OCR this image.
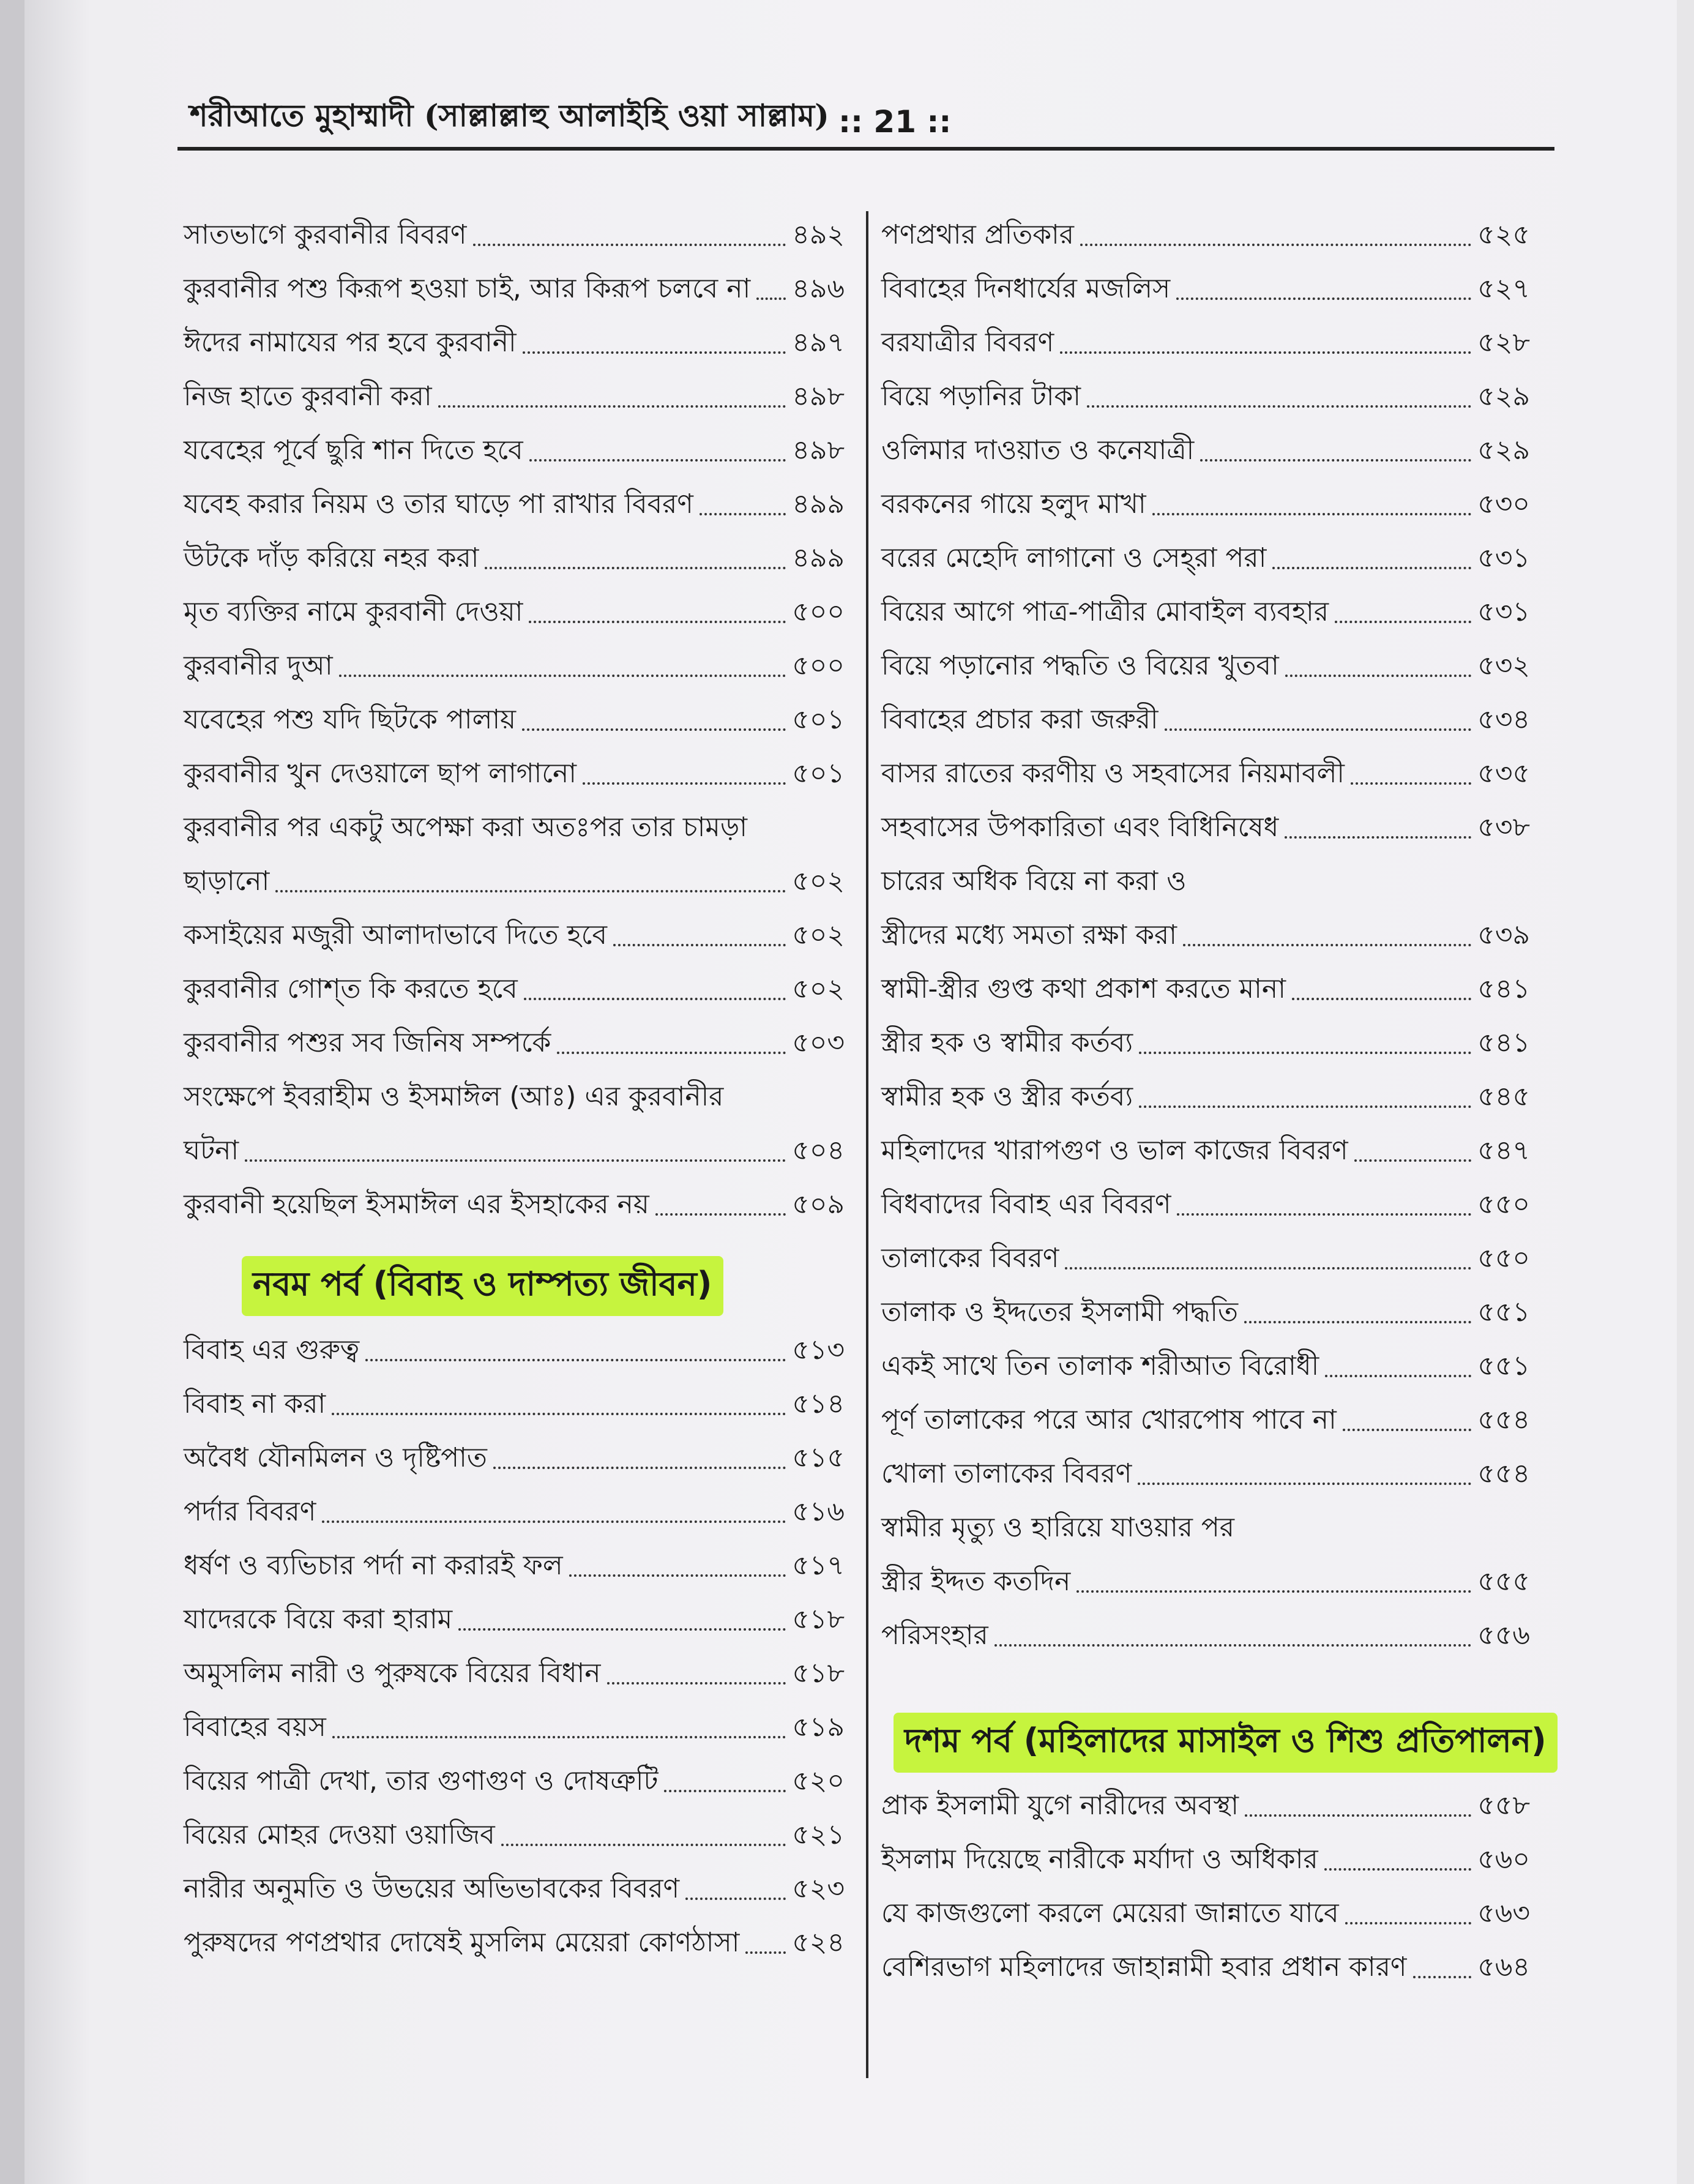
শরীআতে মুহাম্মাদী (সাল্লাল্লাহু আলাইহি ওয়া সাল্লাম) :: 21 ::
সাতভাগে কুরবানীর বিবরণ	৪৯২
কুরবানীর পশু কিরূপ হওয়া চাই, আর কিরূপ চলবে না ৪৯৬
ঈদের নামাযের পর হবে কুরবানী	৪৯৭
নিজ হাতে কুরবানী করা	৪৯৮
যবেহের পূর্বে ছুরি শান দিতে হবে	৪৯৮
যবেহ করার নিয়ম ও তার ঘাড়ে পা রাখার বিবরণ	৪৯৯
উটকে দাঁড় করিয়ে নহর করা	৪৯৯
মৃত ব্যক্তির নামে কুরবানী দেওয়া	৫০০
কুরবানীর দুআ	৫০০
যবেহের পশু যদি ছিটকে পালায়	৫০১
কুরবানীর খুন দেওয়ালে ছাপ লাগানো	৫০১
কুরবানীর পর একটু অপেক্ষা করা অতঃপর তার চামড়া
ছাড়ানো	৫০২
কসাইয়ের মজুরী আলাদাভাবে দিতে হবে	৫০২
কুরবানীর গোশ্‌ত কি করতে হবে	৫০২
কুরবানীর পশুর সব জিনিষ সম্পর্কে	৫০৩
সংক্ষেপে ইবরাহীম ও ইসমাঈল (আঃ) এর কুরবানীর
ঘটনা	৫০৪
কুরবানী হয়েছিল ইসমাঈল এর ইসহাকের নয়	৫০৯
নবম পর্ব (বিবাহ ও দাম্পত্য জীবন)
বিবাহ এর গুরুত্ব	৫১৩
বিবাহ না করা	৫১৪
অবৈধ যৌনমিলন ও দৃষ্টিপাত	৫১৫
পর্দার বিবরণ	৫১৬
ধর্ষণ ও ব্যভিচার পর্দা না করারই ফল	৫১৭
যাদেরকে বিয়ে করা হারাম	৫১৮
অমুসলিম নারী ও পুরুষকে বিয়ের বিধান	৫১৮
বিবাহের বয়স	৫১৯
বিয়ের পাত্রী দেখা, তার গুণাগুণ ও দোষত্রুটি	৫২০
বিয়ের মোহর দেওয়া ওয়াজিব	৫২১
নারীর অনুমতি ও উভয়ের অভিভাবকের বিবরণ	৫২৩
পুরুষদের পণপ্রথার দোষেই মুসলিম মেয়েরা কোণঠাসা ৫২৪
পণপ্রথার প্রতিকার	৫২৫
বিবাহের দিনধার্যের মজলিস	৫২৭
বরযাত্রীর বিবরণ	৫২৮
বিয়ে পড়ানির টাকা	৫২৯
ওলিমার দাওয়াত ও কনেযাত্রী	৫২৯
বরকনের গায়ে হলুদ মাখা	৫৩০
বরের মেহেদি লাগানো ও সেহ্‌রা পরা	৫৩১
বিয়ের আগে পাত্র-পাত্রীর মোবাইল ব্যবহার	৫৩১
বিয়ে পড়ানোর পদ্ধতি ও বিয়ের খুতবা	৫৩২
বিবাহের প্রচার করা জরুরী	৫৩৪
বাসর রাতের করণীয় ও সহবাসের নিয়মাবলী	৫৩৫
সহবাসের উপকারিতা এবং বিধিনিষেধ	৫৩৮
চারের অধিক বিয়ে না করা ও
স্ত্রীদের মধ্যে সমতা রক্ষা করা	৫৩৯
স্বামী-স্ত্রীর গুপ্ত কথা প্রকাশ করতে মানা	৫৪১
স্ত্রীর হক ও স্বামীর কর্তব্য	৫৪১
স্বামীর হক ও স্ত্রীর কর্তব্য	৫৪৫
মহিলাদের খারাপগুণ ও ভাল কাজের বিবরণ	৫৪৭
বিধবাদের বিবাহ এর বিবরণ	৫৫০
তালাকের বিবরণ	৫৫০
তালাক ও ইদ্দতের ইসলামী পদ্ধতি	৫৫১
একই সাথে তিন তালাক শরীআত বিরোধী	৫৫১
পূর্ণ তালাকের পরে আর খোরপোষ পাবে না	৫৫৪
খোলা তালাকের বিবরণ	৫৫৪
স্বামীর মৃত্যু ও হারিয়ে যাওয়ার পর
স্ত্রীর ইদ্দত কতদিন	৫৫৫
পরিসংহার	৫৫৬
দশম পর্ব (মহিলাদের মাসাইল ও শিশু প্রতিপালন)
প্রাক ইসলামী যুগে নারীদের অবস্থা	৫৫৮
ইসলাম দিয়েছে নারীকে মর্যাদা ও অধিকার	৫৬০
যে কাজগুলো করলে মেয়েরা জান্নাতে যাবে	৫৬৩
বেশিরভাগ মহিলাদের জাহান্নামী হবার প্রধান কারণ	৫৬৪
